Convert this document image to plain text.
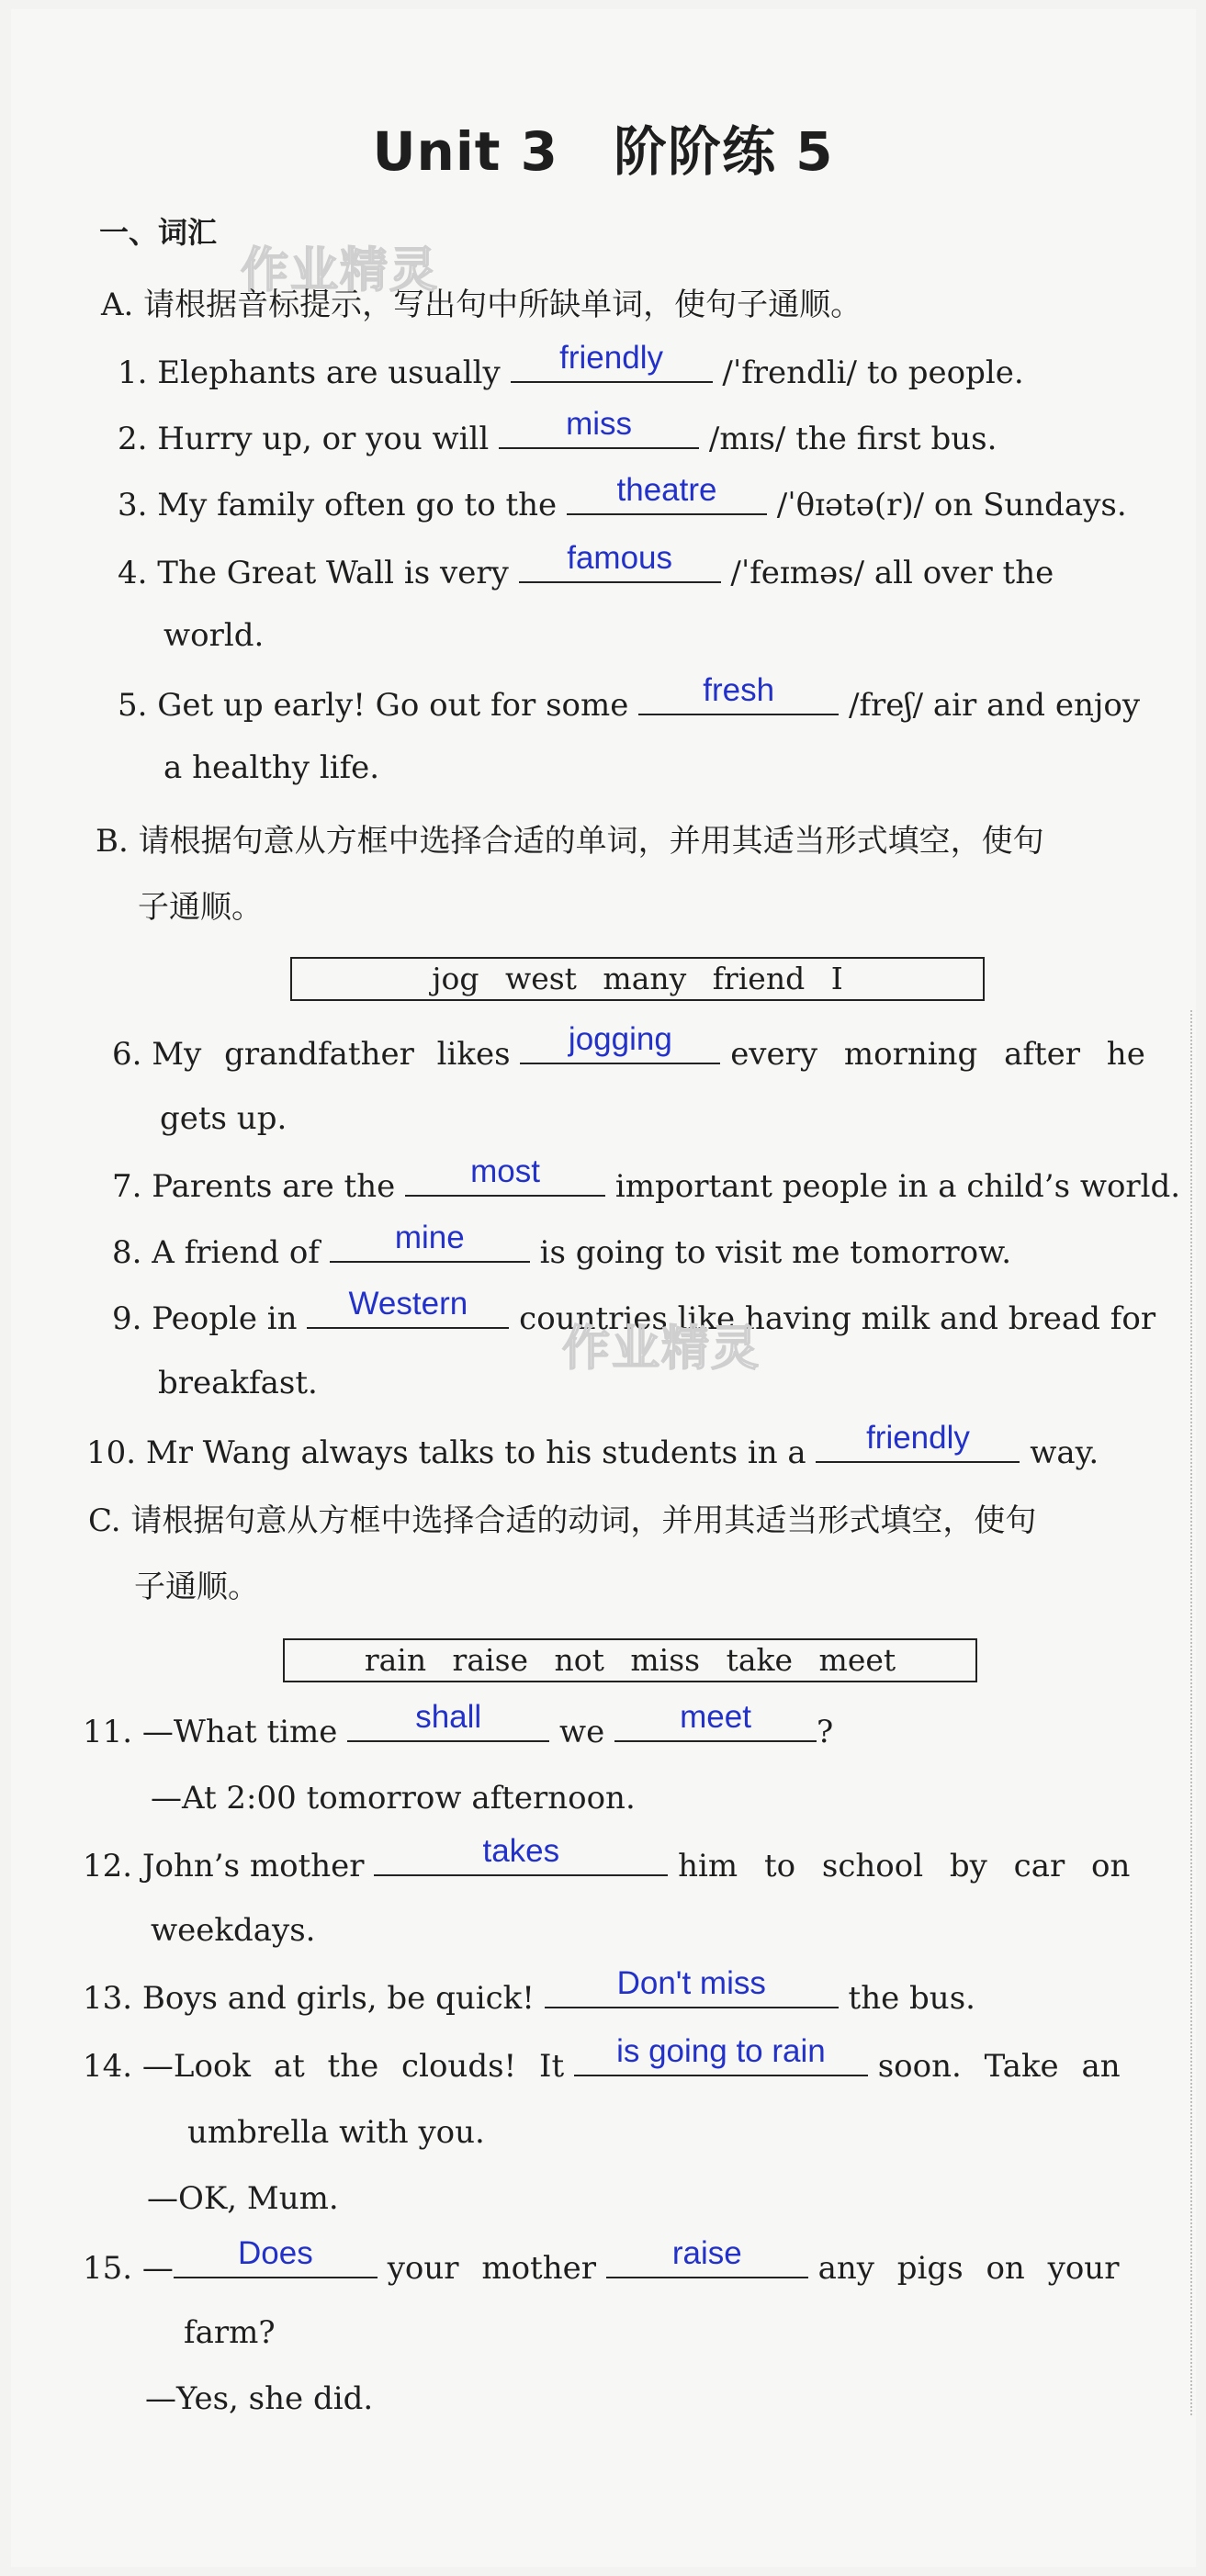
Unit 3 阶阶练 5
一、词汇
作业精灵
A. 请根据音标提示，写出句中所缺单词，使句子通顺。
1. Elephants are usually	friendly	/ˈfrendli/ to people.
2. Hurry up, or you will	miss	/mɪs/ the first bus.
3. My family often go to the	theatre	/ˈθɪətə(r)/ on Sundays.
4. The Great Wall is very	famous	/ˈfeɪməs/ all over the
world.
5. Get up early! Go out for some	fresh	/freʃ/ air and enjoy
a healthy life.
B. 请根据句意从方框中选择合适的单词，并用其适当形式填空，使句
子通顺。
jog west many friend I
6. My grandfather likes	jogging	every morning after he
gets up.
7. Parents are the	most	important people in a child’s world.
8. A friend of	mine	is going to visit me tomorrow.
9. People in	Western	countries like having milk and bread for
作业精灵
breakfast.
10. Mr Wang always talks to his students in a	friendly	way.
C. 请根据句意从方框中选择合适的动词，并用其适当形式填空，使句
子通顺。
rain raise not miss take meet
11. —What time	shall	we	meet	?
—At 2:00 tomorrow afternoon.
12. John’s mother	takes	him to school by car on
weekdays.
13. Boys and girls, be quick!	Don't miss	the bus.
14. —Look at the clouds! It	is going to rain	soon. Take an
umbrella with you.
—OK, Mum.
15. —	Does	your mother	raise	any pigs on your
farm?
—Yes, she did.
